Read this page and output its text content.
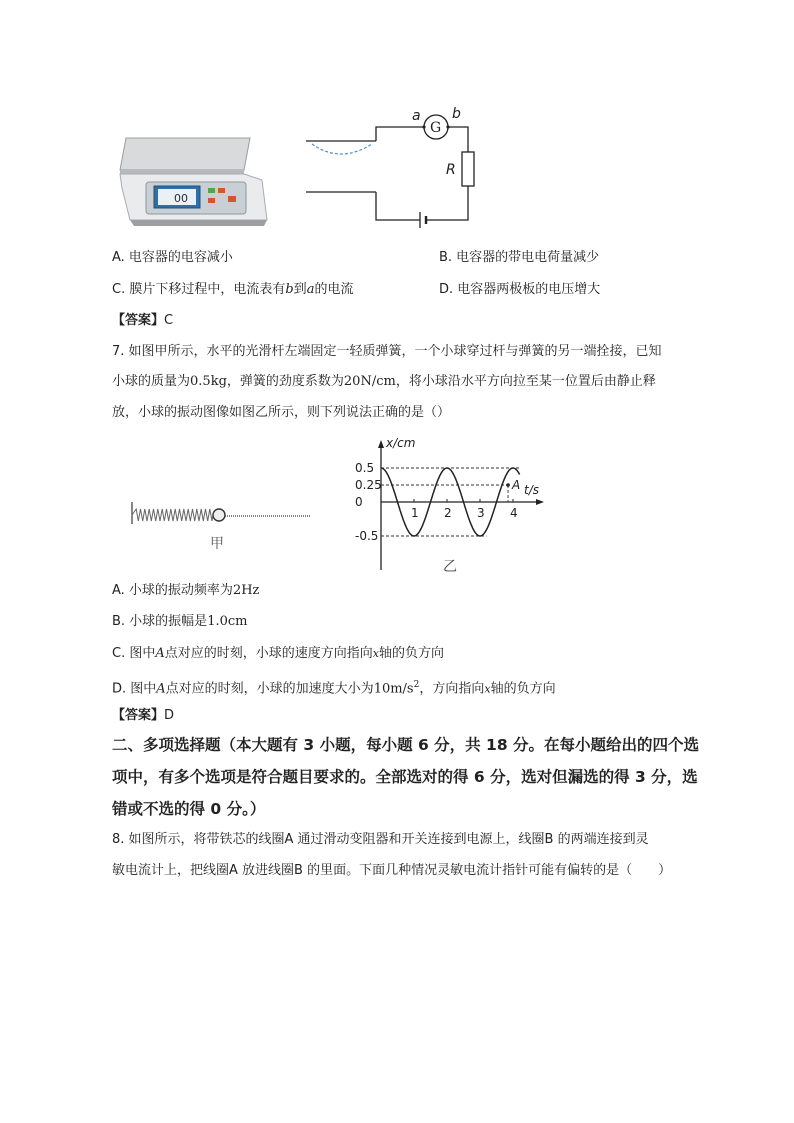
00
G
a b
R
A. 电容器的电容减小	B. 电容器的带电电荷量减少
C. 膜片下移过程中，电流表有b到a的电流	D. 电容器两极板的电压增大
【答案】C
7. 如图甲所示，水平的光滑杆左端固定一轻质弹簧，一个小球穿过杆与弹簧的另一端拴接，已知
小球的质量为0.5kg，弹簧的劲度系数为20N/cm，将小球沿水平方向拉至某一位置后由静止释
放，小球的振动图像如图乙所示，则下列说法正确的是（）
甲
x/cm
t/s
0.5
0.25
0
-0.5
1 2 3 4
A
乙
A. 小球的振动频率为2Hz
B. 小球的振幅是1.0cm
C. 图中A点对应的时刻，小球的速度方向指向x轴的负方向
D. 图中A点对应的时刻，小球的加速度大小为$10m/s^2$，方向指向x轴的负方向
【答案】D
二、多项选择题（本大题有 3 小题，每小题 6 分，共 18 分。在每小题给出的四个选
项中，有多个选项是符合题目要求的。全部选对的得 6 分，选对但漏选的得 3 分，选
错或不选的得 0 分。）
8. 如图所示，将带铁芯的线圈A 通过滑动变阻器和开关连接到电源上，线圈B 的两端连接到灵
敏电流计上，把线圈A 放进线圈B 的里面。下面几种情况灵敏电流计指针可能有偏转的是（　　）
